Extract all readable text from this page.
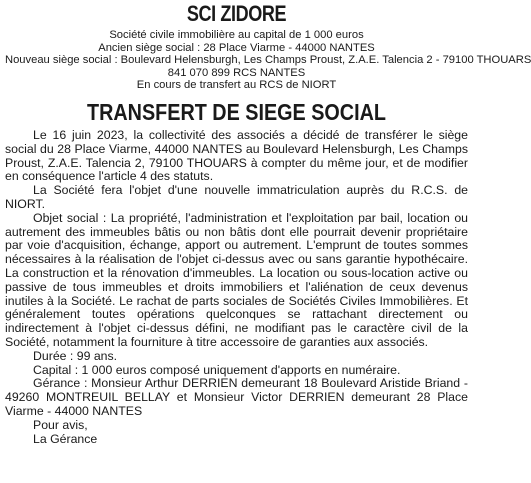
SCI ZIDORE

Société civile immobilière au capital de 1 000 euros

Ancien siège social : 28 Place Viarme - 44000 NANTES

Nouveau siège social : Boulevard Helensburgh, Les Champs Proust, Z.A.E. Talencia 2 - 79100 THOUARS

841 070 899 RCS NANTES

En cours de transfert au RCS de NIORT

TRANSFERT DE SIEGE SOCIAL

Le 16 juin 2023, la collectivité des associés a décidé de transférer le siège social du 28 Place Viarme, 44000 NANTES au Boulevard Helensburgh, Les Champs Proust, Z.A.E. Talencia 2, 79100 THOUARS à compter du même jour, et de modifier en conséquence l'article 4 des statuts.

La Société fera l'objet d'une nouvelle immatriculation auprès du R.C.S. de NIORT.

Objet social : La propriété, l'administration et l'exploitation par bail, location ou autrement des immeubles bâtis ou non bâtis dont elle pourrait devenir propriétaire par voie d'acquisition, échange, apport ou autrement. L'emprunt de toutes sommes nécessaires à la réalisation de l'objet ci-dessus avec ou sans garantie hypothécaire. La construction et la rénovation d'immeubles. La location ou sous-location active ou passive de tous immeubles et droits immobiliers et l'aliénation de ceux devenus inutiles à la Société. Le rachat de parts sociales de Sociétés Civiles Immobilières. Et généralement toutes opérations quelconques se rattachant directement ou indirectement à l'objet ci-dessus défini, ne modifiant pas le caractère civil de la Société, notamment la fourniture à titre accessoire de garanties aux associés.

Durée : 99 ans.

Capital : 1 000 euros composé uniquement d'apports en numéraire.

Gérance : Monsieur Arthur DERRIEN demeurant 18 Boulevard Aristide Briand - 49260 MONTREUIL BELLAY et Monsieur Victor DERRIEN demeurant 28 Place Viarme - 44000 NANTES

Pour avis,

La Gérance
